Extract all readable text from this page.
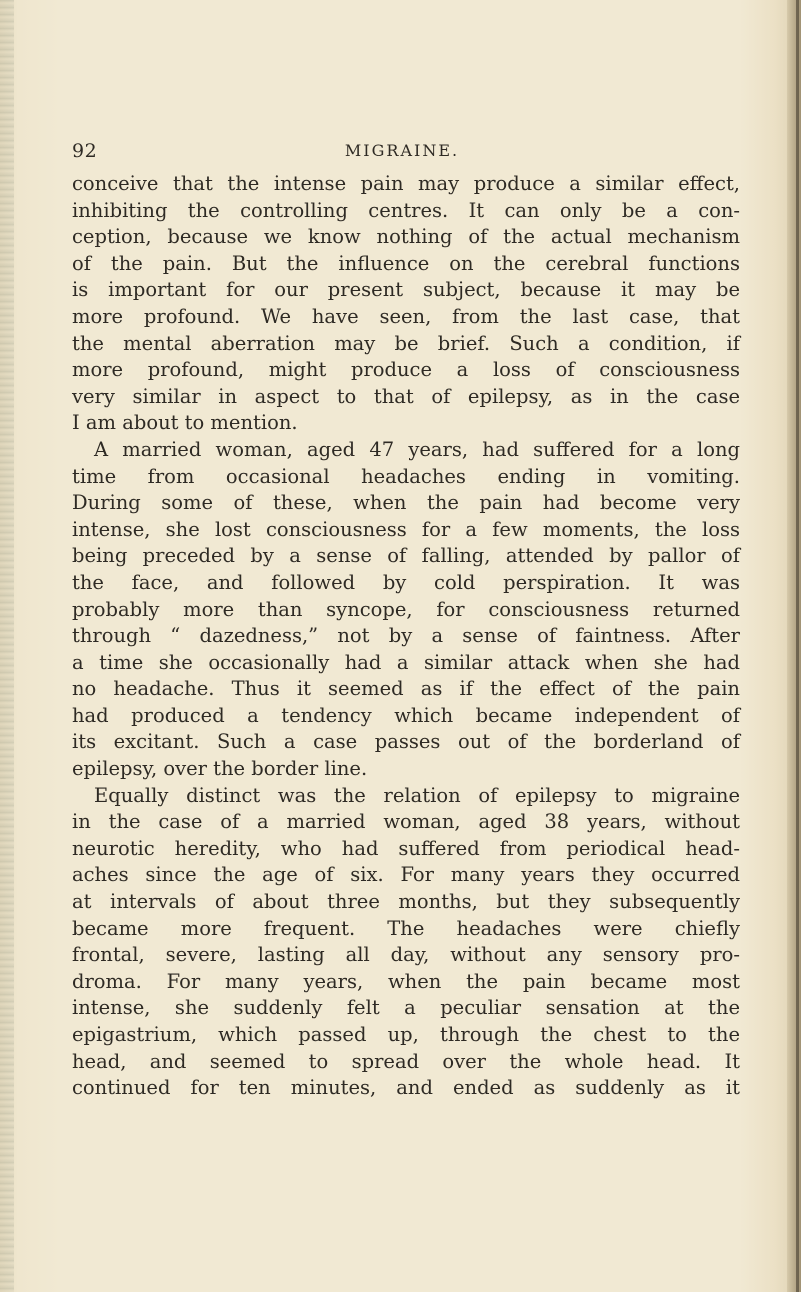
92	MIGRAINE.
conceive that the intense pain may produce a similar effect,
inhibiting the controlling centres. It can only be a con-
ception, because we know nothing of the actual mechanism
of the pain. But the influence on the cerebral functions
is important for our present subject, because it may be
more profound. We have seen, from the last case, that
the mental aberration may be brief. Such a condition, if
more profound, might produce a loss of consciousness
very similar in aspect to that of epilepsy, as in the case
I am about to mention.
A married woman, aged 47 years, had suffered for a long
time from occasional headaches ending in vomiting.
During some of these, when the pain had become very
intense, she lost consciousness for a few moments, the loss
being preceded by a sense of falling, attended by pallor of
the face, and followed by cold perspiration. It was
probably more than syncope, for consciousness returned
through “ dazedness,” not by a sense of faintness. After
a time she occasionally had a similar attack when she had
no headache. Thus it seemed as if the effect of the pain
had produced a tendency which became independent of
its excitant. Such a case passes out of the borderland of
epilepsy, over the border line.
Equally distinct was the relation of epilepsy to migraine
in the case of a married woman, aged 38 years, without
neurotic heredity, who had suffered from periodical head-
aches since the age of six. For many years they occurred
at intervals of about three months, but they subsequently
became more frequent. The headaches were chiefly
frontal, severe, lasting all day, without any sensory pro-
droma. For many years, when the pain became most
intense, she suddenly felt a peculiar sensation at the
epigastrium, which passed up, through the chest to the
head, and seemed to spread over the whole head. It
continued for ten minutes, and ended as suddenly as it
